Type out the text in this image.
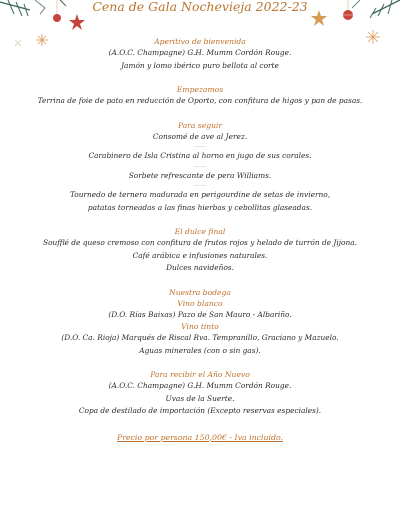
Cena de Gala Nochevieja 2022-23
Aperitivo de bienvenida
(A.O.C. Champagne) G.H. Mumm Cordón Rouge.
Jamón y lomo ibérico puro bellota al corte
Empezamos
Terrina de foie de pato en reducción de Oporto, con confitura de higos y pan de pasas.
Para seguir
Consomé de ave al Jerez.
——
Carabinero de Isla Cristina al horno en jugo de sus corales.
——
Sorbete refrescante de pera Williams.
——
Tournedo de ternera madurada en perigourdine de setas de invierno,
patatas torneadas a las finas hierbas y cebollitas glaseadas.
El dulce final
Soufflé de queso cremoso con confitura de frutos rojos y helado de turrón de Jijona.
Café arábica e infusiones naturales.
Dulces navideños.
Nuestra bodega
Vino blanco
(D.O. Rías Baixas) Pazo de San Mauro - Albariño.
Vino tinto
(D.O. Ca. Rioja) Marqués de Riscal Rva. Tempranillo, Graciano y Mazuelo.
Aguas minerales (con o sin gas).
Para recibir el Año Nuevo
(A.O.C. Champagne) G.H. Mumm Cordón Rouge.
Uvas de la Suerte.
Copa de destilado de importación (Excepto reservas especiales).
Precio por persona 150,00€ - Iva incluido.
